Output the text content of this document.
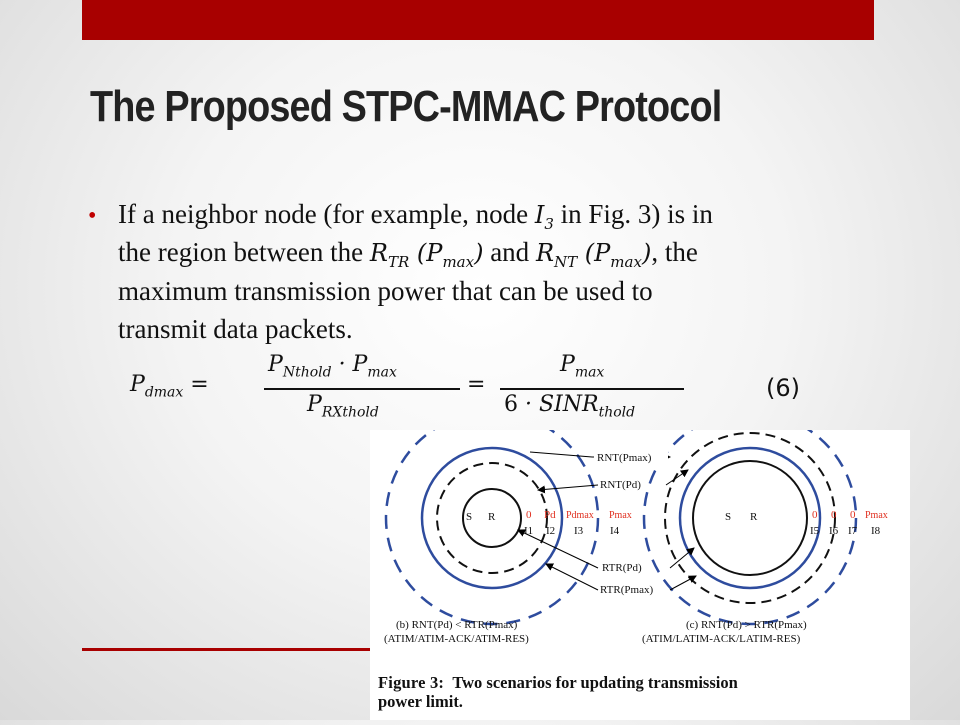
The Proposed STPC-MMAC Protocol
• If a neighbor node (for example, node $I_3$ in Fig. 3) is in
the region between the $R_{TR}$ $(P_{max})$ and $R_{NT}$ $(P_{max})$, the
maximum transmission power that can be used to
transmit data packets.
$P_{dmax}$ =
$P_{Nthold} \cdot P_{max}$
$P_{RXthold}$
=
$P_{max}$
$6 \cdot SINR_{thold}$
(6)
RNT(Pmax)
RNT(Pd)
RTR(Pd)
RTR(Pmax)
S R	0 Pd Pdmax Pmax
I1 I2 I3 I4
S R	0 0 0 Pmax
I5 I6 I7 I8
(b) RNT(Pd) < RTR(Pmax)
(ATIM/ATIM-ACK/ATIM-RES)
(c) RNT(Pd) > RTR(Pmax)
(ATIM/LATIM-ACK/LATIM-RES)
Figure 3: Two scenarios for updating transmission
power limit.
